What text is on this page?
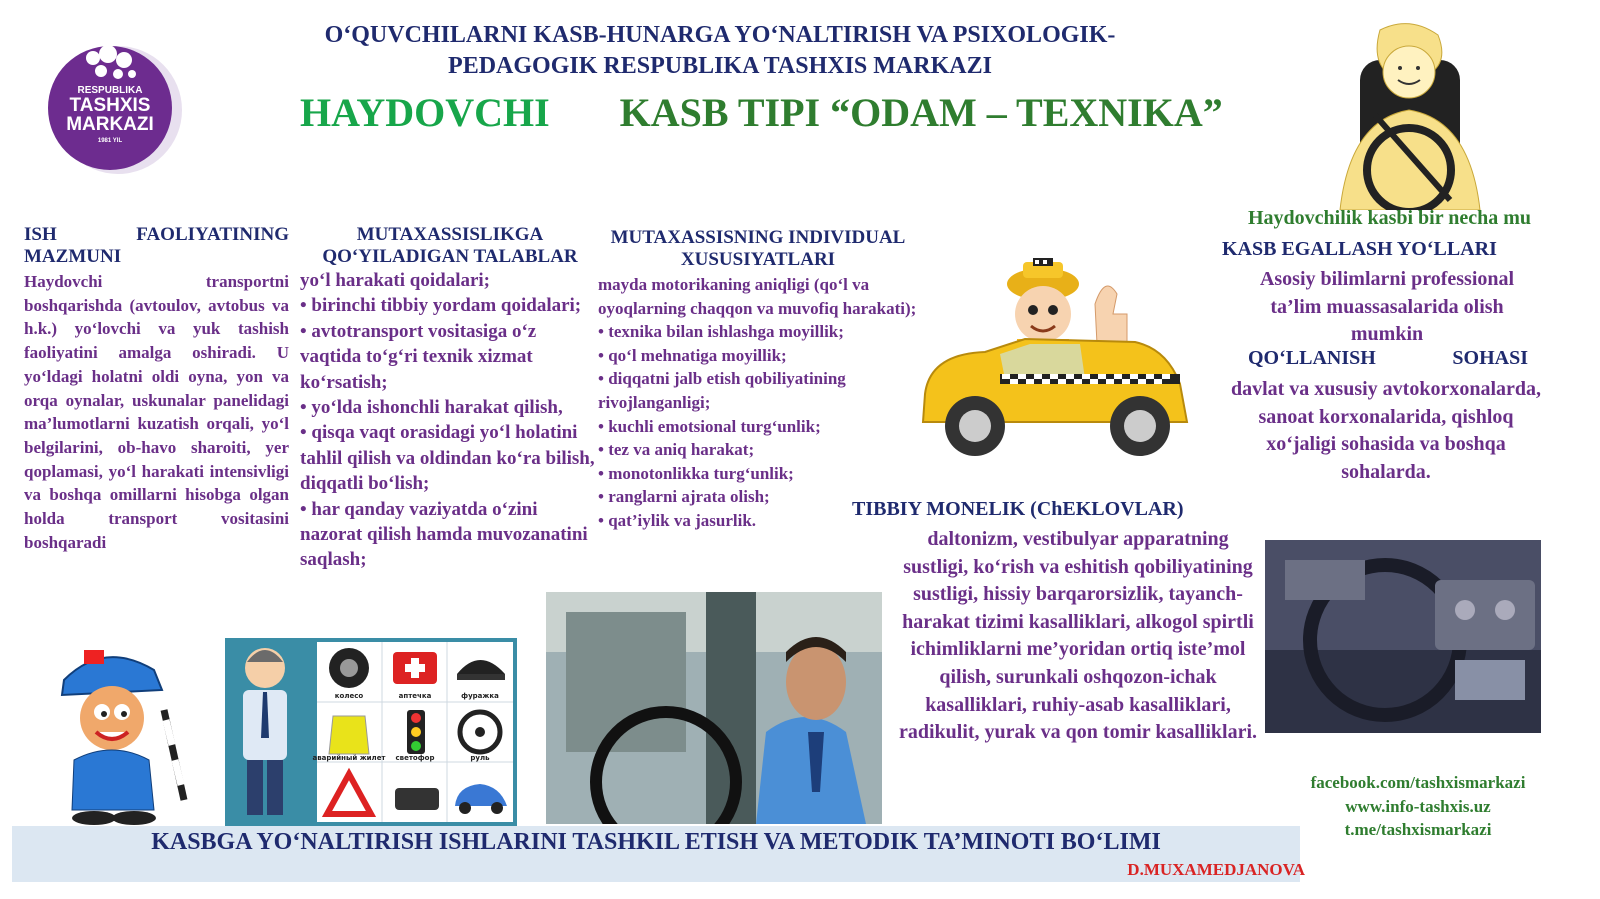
RESPUBLIKA
TASHXIS
MARKAZI
1981 YIL
O‘QUVCHILARNI KASB-HUNARGA YO‘NALTIRISH VA PSIXOLOGIK-PEDAGOGIK RESPUBLIKA TASHXIS MARKAZI
HAYDOVCHI KASB TIPI “ODAM – TEXNIKA”
ISH	FAOLIYATINING
MAZMUNI
Haydovchi transportni boshqarishda (avtoulov, avtobus va h.k.) yo‘lovchi va yuk tashish faoliyatini amalga oshiradi. U yo‘ldagi holatni oldi oyna, yon va orqa oynalar, uskunalar panelidagi ma’lumotlarni kuzatish orqali, yo‘l belgilarini, ob-havo sharoiti, yer qoplamasi, yo‘l harakati intensivligi va boshqa omillarni hisobga olgan holda transport vositasini boshqaradi
MUTAXASSISLIKGA QO‘YILADIGAN TALABLAR
yo‘l harakati qoidalari;
• birinchi tibbiy yordam qoidalari;
• avtotransport vositasiga o‘z vaqtida to‘g‘ri texnik xizmat ko‘rsatish;
• yo‘lda ishonchli harakat qilish,
• qisqa vaqt orasidagi yo‘l holatini tahlil qilish va oldindan ko‘ra bilish, diqqatli bo‘lish;
• har qanday vaziyatda o‘zini nazorat qilish hamda muvozanatini saqlash;
MUTAXASSISNING INDIVIDUAL XUSUSIYATLARI
mayda motorikaning aniqligi (qo‘l va oyoqlarning chaqqon va muvofiq harakati);
• texnika bilan ishlashga moyillik;
• qo‘l mehnatiga moyillik;
• diqqatni jalb etish qobiliyatining rivojlanganligi;
• kuchli emotsional turg‘unlik;
• tez va aniq harakat;
• monotonlikka turg‘unlik;
• ranglarni ajrata olish;
• qat’iylik va jasurlik.
TIBBIY MONELIK (ChEKLOVLAR)
daltonizm, vestibulyar apparatning sustligi, ko‘rish va eshitish qobiliyatining sustligi, hissiy barqarorsizlik, tayanch-harakat tizimi kasalliklari, alkogol spirtli ichimliklarni me’yoridan ortiq iste’mol qilish, surunkali oshqozon-ichak kasalliklari, ruhiy-asab kasalliklari, radikulit, yurak va qon tomir kasalliklari.
Haydovchilik kasbi bir necha mu
KASB EGALLASH YO‘LLARI
Asosiy bilimlarni professional ta’lim muassasalarida olish mumkin
QO‘LLANISH	SOHASI
davlat va xususiy avtokorxonalarda, sanoat korxonalarida, qishloq xo‘jaligi sohasida va boshqa sohalarda.
колесо	аптечка	фуражка
аварийный жилет светофор	руль
facebook.com/tashxismarkazi
www.info-tashxis.uz
t.me/tashxismarkazi
KASBGA YO‘NALTIRISH ISHLARINI TASHKIL ETISH VA METODIK TA’MINOTI BO‘LIMI
D.MUXAMEDJANOVA
